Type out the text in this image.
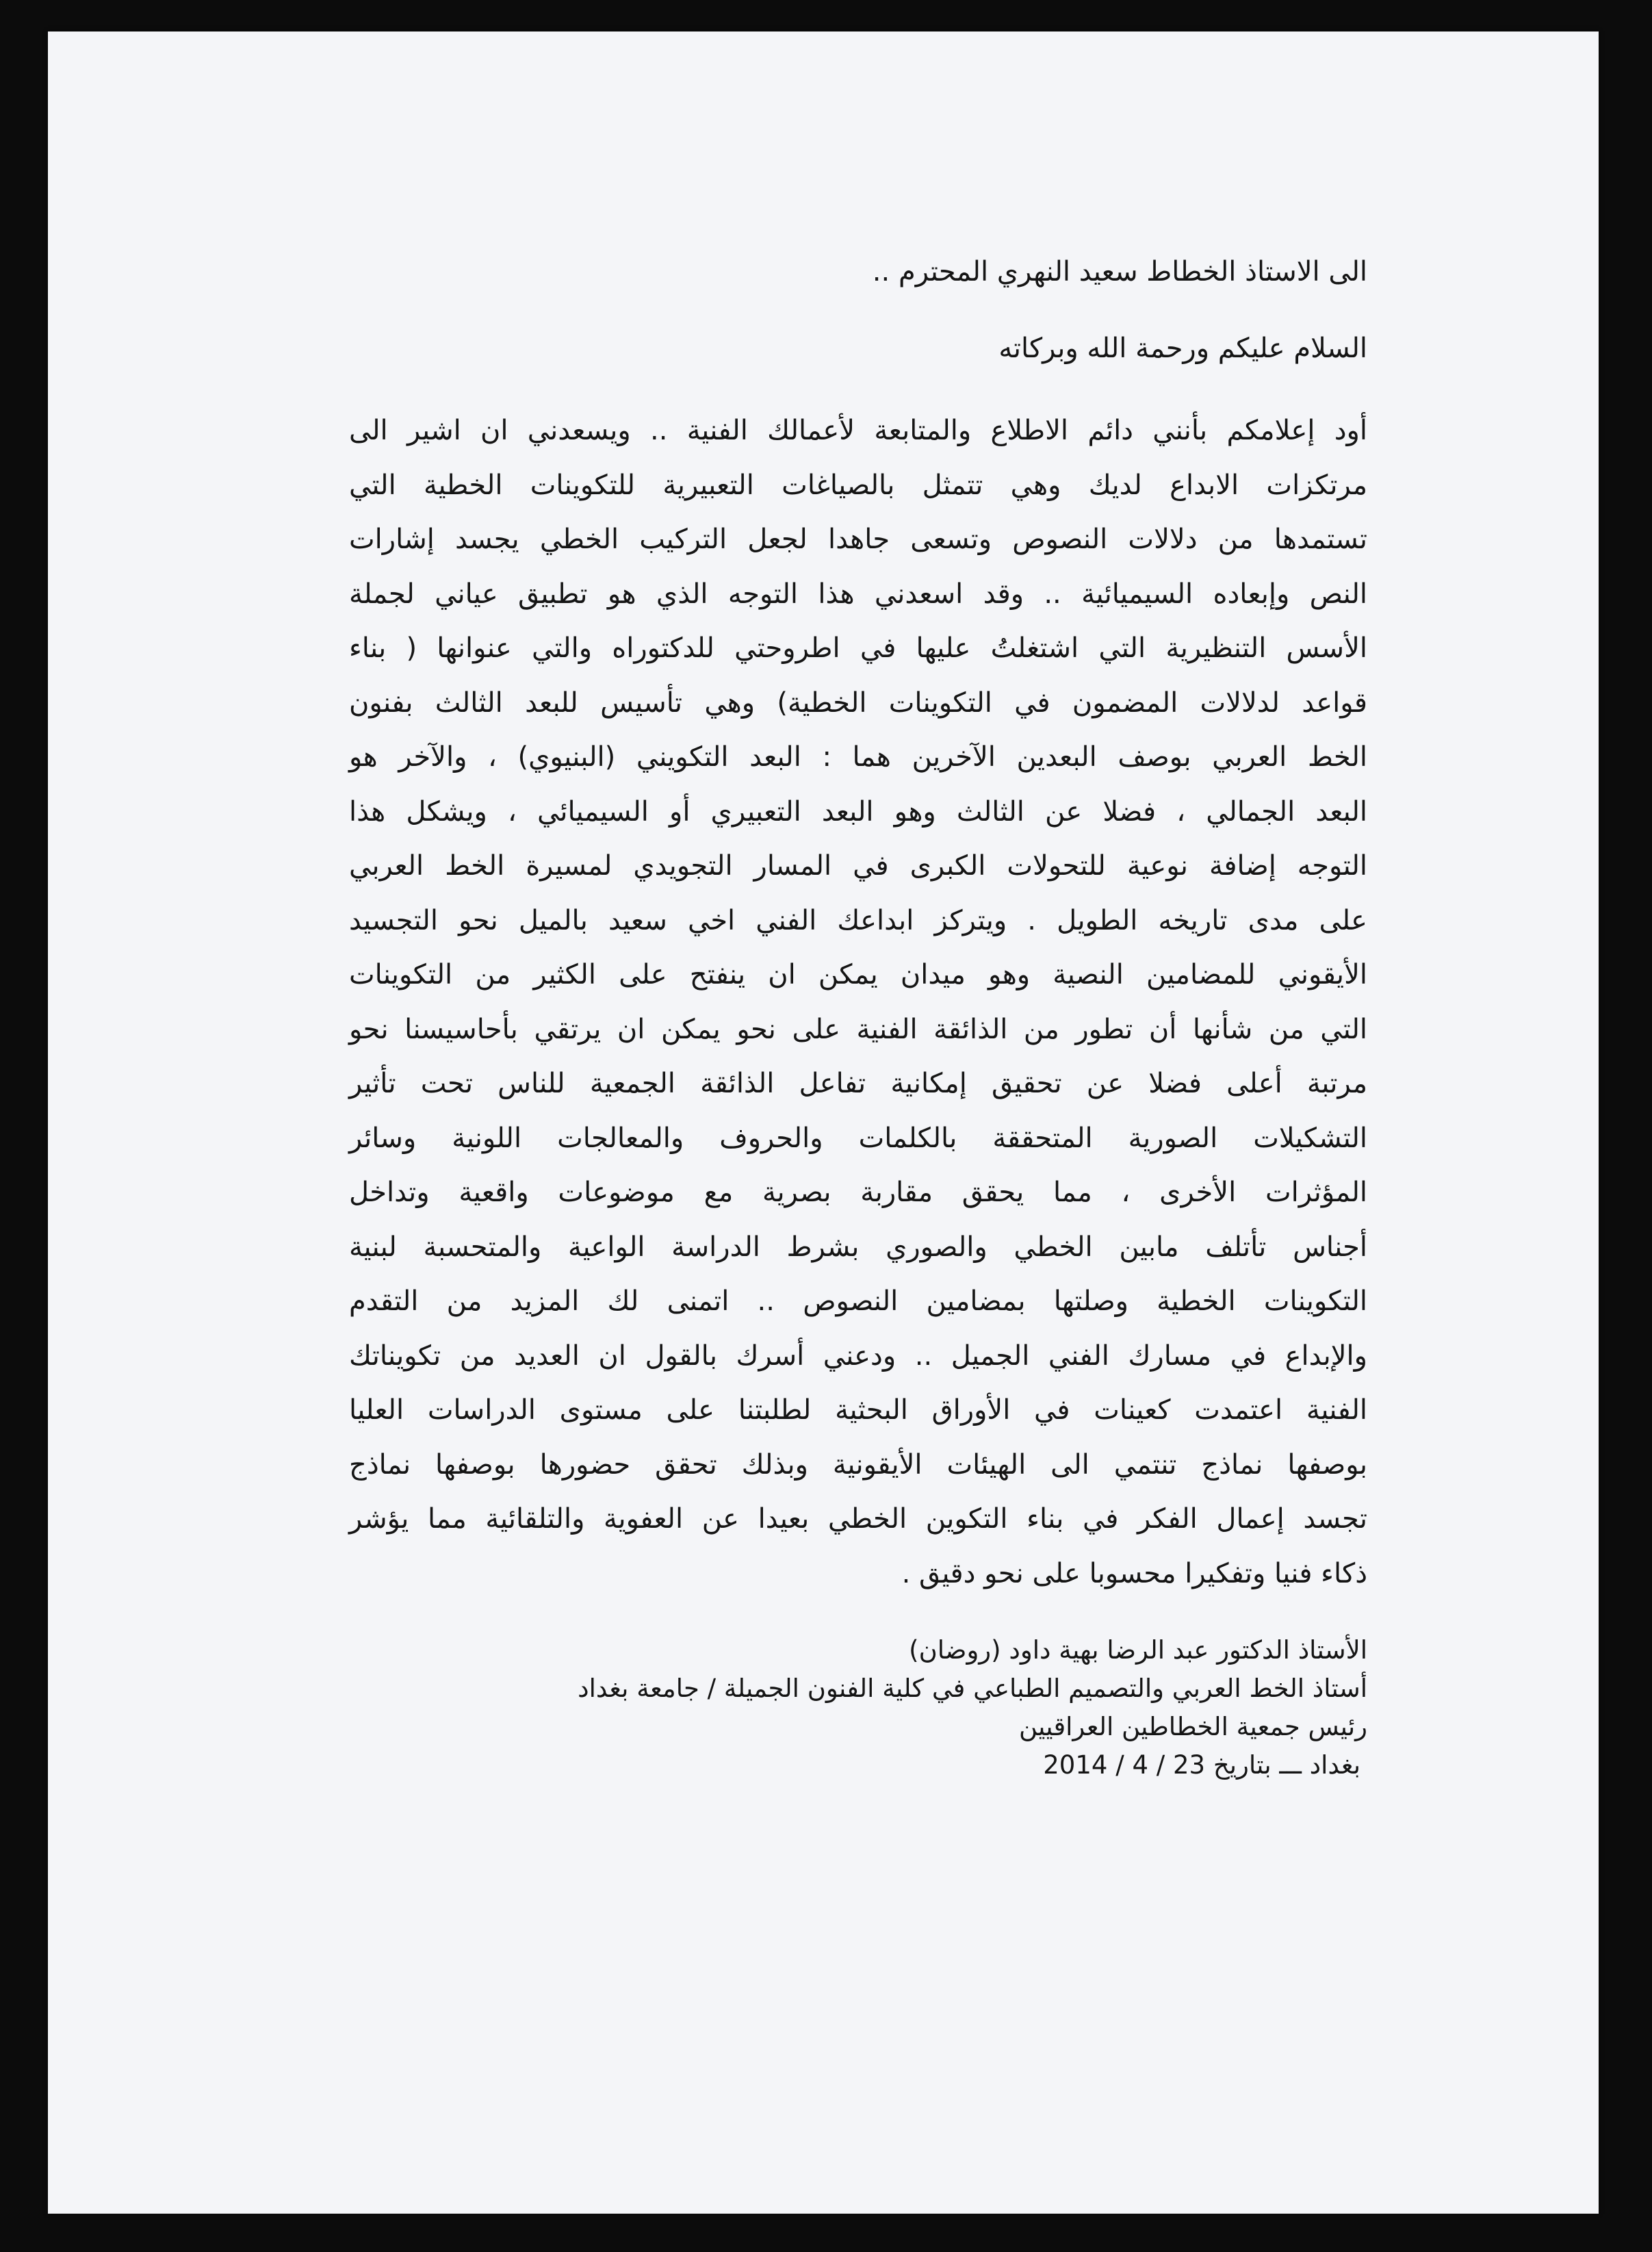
الى الاستاذ الخطاط سعيد النهري المحترم ..

السلام عليكم ورحمة الله وبركاته

أود إعلامكم بأنني دائم الاطلاع والمتابعة لأعمالك الفنية .. ويسعدني ان اشير الى
مرتكزات الابداع لديك وهي تتمثل بالصياغات التعبيرية للتكوينات الخطية التي
تستمدها من دلالات النصوص وتسعى جاهدا لجعل التركيب الخطي يجسد إشارات
النص وإبعاده السيميائية .. وقد اسعدني هذا التوجه الذي هو تطبيق عياني لجملة
الأسس التنظيرية التي اشتغلتُ عليها في اطروحتي للدكتوراه والتي عنوانها ( بناء
قواعد لدلالات المضمون في التكوينات الخطية) وهي تأسيس للبعد الثالث بفنون
الخط العربي بوصف البعدين الآخرين هما : البعد التكويني (البنيوي) ، والآخر هو
البعد الجمالي ، فضلا عن الثالث وهو البعد التعبيري أو السيميائي ، ويشكل هذا
التوجه إضافة نوعية للتحولات الكبرى في المسار التجويدي لمسيرة الخط العربي
على مدى تاريخه الطويل . ويتركز ابداعك الفني اخي سعيد بالميل نحو التجسيد
الأيقوني للمضامين النصية وهو ميدان يمكن ان ينفتح على الكثير من التكوينات
التي من شأنها أن تطور من الذائقة الفنية على نحو يمكن ان يرتقي بأحاسيسنا نحو
مرتبة أعلى فضلا عن تحقيق إمكانية تفاعل الذائقة الجمعية للناس تحت تأثير
التشكيلات الصورية المتحققة بالكلمات والحروف والمعالجات اللونية وسائر
المؤثرات الأخرى ، مما يحقق مقاربة بصرية مع موضوعات واقعية وتداخل
أجناس تأتلف مابين الخطي والصوري بشرط الدراسة الواعية والمتحسبة لبنية
التكوينات الخطية وصلتها بمضامين النصوص .. اتمنى لك المزيد من التقدم
والإبداع في مسارك الفني الجميل .. ودعني أسرك بالقول ان العديد من تكويناتك
الفنية اعتمدت كعينات في الأوراق البحثية لطلبتنا على مستوى الدراسات العليا
بوصفها نماذج تنتمي الى الهيئات الأيقونية وبذلك تحقق حضورها بوصفها نماذج
تجسد إعمال الفكر في بناء التكوين الخطي بعيدا عن العفوية والتلقائية مما يؤشر
ذكاء فنيا وتفكيرا محسوبا على نحو دقيق .
الأستاذ الدكتور عبد الرضا بهية داود (روضان)
أستاذ الخط العربي والتصميم الطباعي في كلية الفنون الجميلة / جامعة بغداد
رئيس جمعية الخطاطين العراقيين
بغداد ـــ بتاريخ 23 / 4 / 2014
